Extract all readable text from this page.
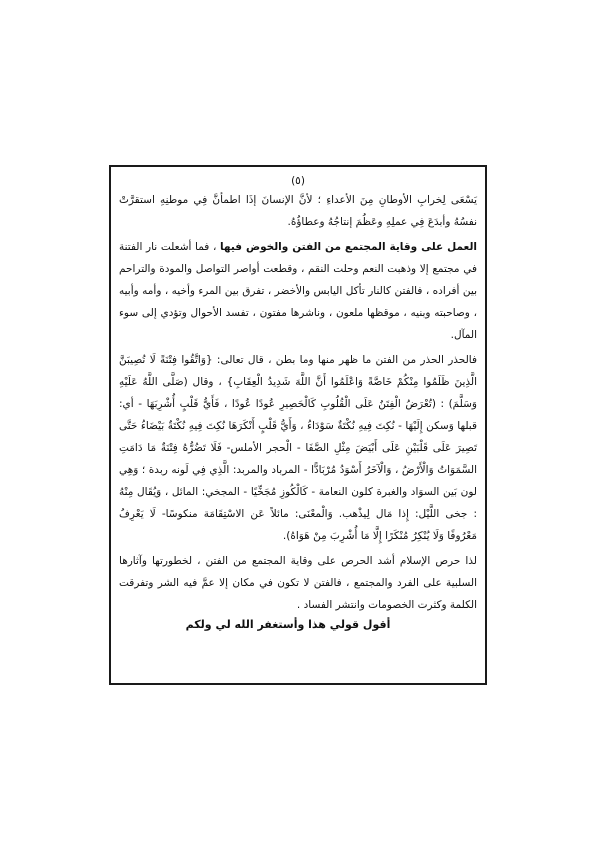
(٥)

يَسْعَى لِخرابِ الأوطانِ مِنَ الأعداءِ ؛ لأنَّ الإنسانَ إذَا اطمأنَّ فِي موطنِهِ استقرَّتْ نفسُهُ وأبدَعَ فِي عملِهِ وعَظُمَ إنتاجُهُ وعطاؤُهُ.

العمل على وقاية المجتمع من الفتن والخوض فيها ، فما أشعلت نار الفتنة في مجتمع إلا وذهبت النعم وحلت النقم ، وقطعت أواصر التواصل والمودة والتراحم بين أفراده ، فالفتن كالنار تأكل اليابس والأخضر ، تفرق بين المرء وأخيه ، وأمه وأبيه ، وصاحبته وبنيه ، موقظها ملعون ، وناشرها مفتون ، تفسد الأحوال وتؤدي إلى سوء المآل.

فالحذر الحذر من الفتن ما ظهر منها وما بطن ، قال تعالى: {وَاتَّقُوا فِتْنَةً لَا تُصِيبَنَّ الَّذِينَ ظَلَمُوا مِنْكُمْ خَاصَّةً وَاعْلَمُوا أَنَّ اللَّهَ شَدِيدُ الْعِقَابِ} ، وقال (صَلَّى اللَّهُ عَلَيْهِ وَسَلَّمَ) : (تُعْرَضُ الْفِتَنُ عَلَى الْقُلُوبِ كَالْحَصِيرِ عُودًا عُودًا ، فَأَيُّ قَلْبٍ أُشْرِبَهَا - أي: قبلها وَسكن إِلَيْهَا - نُكِتَ فِيهِ نُكْتَةٌ سَوْدَاءُ ، وَأَيُّ قَلْبٍ أَنْكَرَهَا نُكِتَ فِيهِ نُكْتَةٌ بَيْضَاءُ حَتَّى تَصِيرَ عَلَى قَلْبَيْنِ عَلَى أَبْيَضَ مِثْلِ الصَّفَا - الْحجر الأملس- فَلَا تَضُرُّهُ فِتْنَةٌ مَا دَامَتِ السَّمَوَاتُ وَالْأَرْضُ ، وَالْآخَرُ أَسْوَدُ مُرْبَادًّا - المرباد والمربد: الَّذِي فِي لَونه ربدة ؛ وَهِي لون بَين السوَاد والغبرة كلون النعامة - كَالْكُوزِ مُجَخِّيًا - المجخي: المائل ، وَيُقَال مِنْهُ : جخى اللَّيْل: إِذا مَال لِيذْهب. وَالْمعْنَى: مائلاً عَن الاسْتِقَامَة منكوسًا- لَا يَعْرِفُ مَعْرُوفًا وَلَا يُنْكِرُ مُنْكَرًا إِلَّا مَا أُشْرِبَ مِنْ هَوَاهُ).

لذا حرص الإسلام أشد الحرص على وقاية المجتمع من الفتن ، لخطورتها وآثارها السلبية على الفرد والمجتمع ، فالفتن لا تكون في مكان إلا عمَّ فيه الشر وتفرقت الكلمة وكثرت الخصومات وانتشر الفساد .

أقول قولي هذا وأستغفر الله لي ولكم
